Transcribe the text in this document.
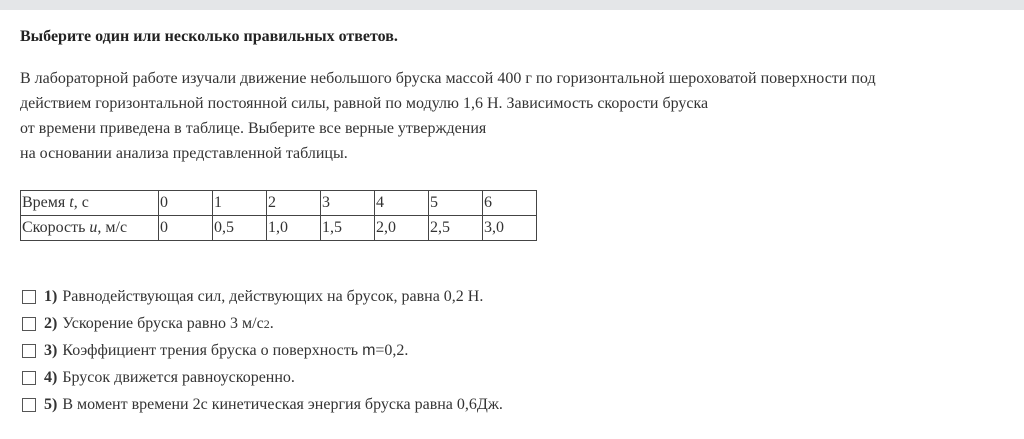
Выберите один или несколько правильных ответов.
В лабораторной работе изучали движение небольшого бруска массой 400 г по горизонтальной шероховатой поверхности под
действием горизонтальной постоянной силы, равной по модулю 1,6 Н. Зависимость скорости бруска
от времени приведена в таблице. Выберите все верные утверждения
на основании анализа представленной таблицы.
Время t, с	0	1	2	3	4	5	6
Скорость u, м/с	0	0,5	1,0	1,5	2,0	2,5	3,0
1) Равнодействующая сил, действующих на брусок, равна 0,2 Н.
2) Ускорение бруска равно 3 м/с 2 .
3) Коэффициент трения бруска о поверхность m =0,2.
4) Брусок движется равноускоренно.
5) В момент времени 2с кинетическая энергия бруска равна 0,6Дж.
